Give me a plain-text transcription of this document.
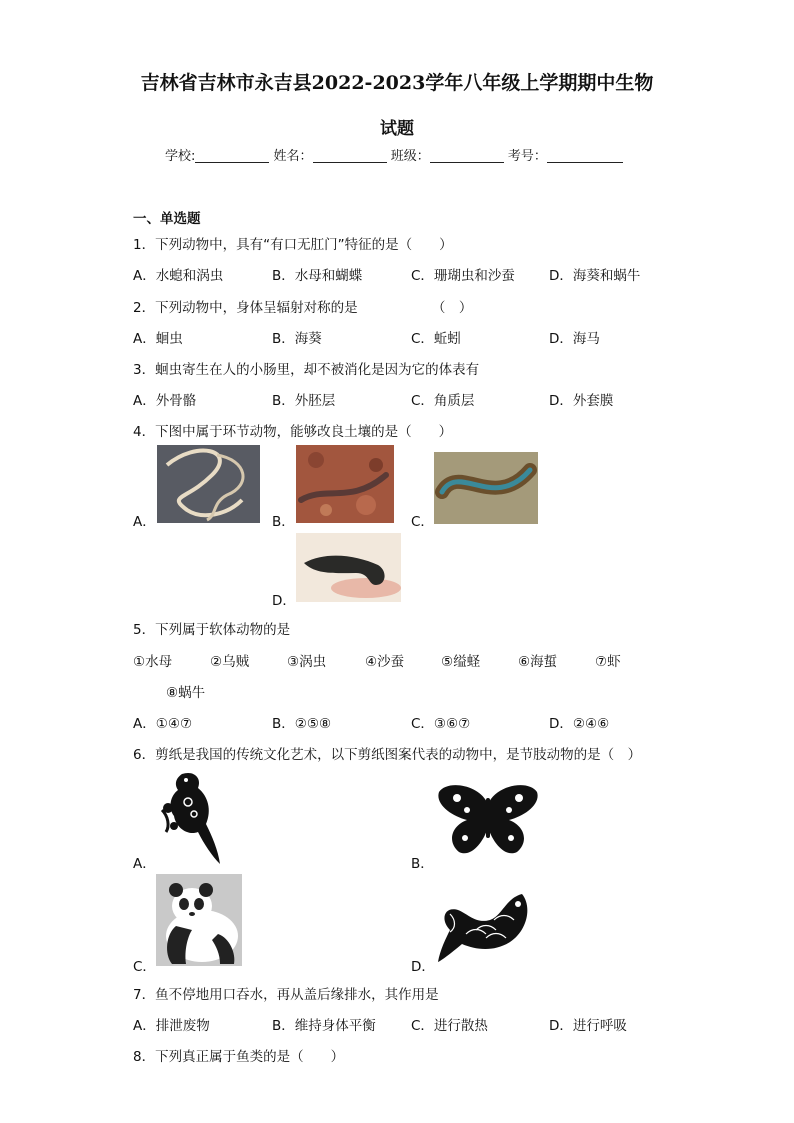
吉林省吉林市永吉县2022-2023学年八年级上学期期中生物
试题
学校:	姓名：	班级：	考号：
一、单选题
1．下列动物中，具有“有口无肛门”特征的是（　　）
A．水螅和涡虫	B．水母和蝴蝶	C．珊瑚虫和沙蚕	D．海葵和蜗牛
2．下列动物中，身体呈辐射对称的是　　　　　　（　）
A．蛔虫	B．海葵	C．蚯蚓	D．海马
3．蛔虫寄生在人的小肠里，却不被消化是因为它的体表有
A．外骨骼	B．外胚层	C．角质层	D．外套膜
4．下图中属于环节动物，能够改良土壤的是（　　）
A．	B．	C．
D．
5．下列属于软体动物的是
①水母	②乌贼	③涡虫	④沙蚕	⑤缢蛏	⑥海蜇	⑦虾
⑧蜗牛
A．①④⑦	B．②⑤⑧	C．③⑥⑦	D．②④⑥
6．剪纸是我国的传统文化艺术，以下剪纸图案代表的动物中，是节肢动物的是（　）
A．	B．
C．	D．
7．鱼不停地用口吞水，再从盖后缘排水，其作用是
A．排泄废物	B．维持身体平衡	C．进行散热	D．进行呼吸
8．下列真正属于鱼类的是（　　）
